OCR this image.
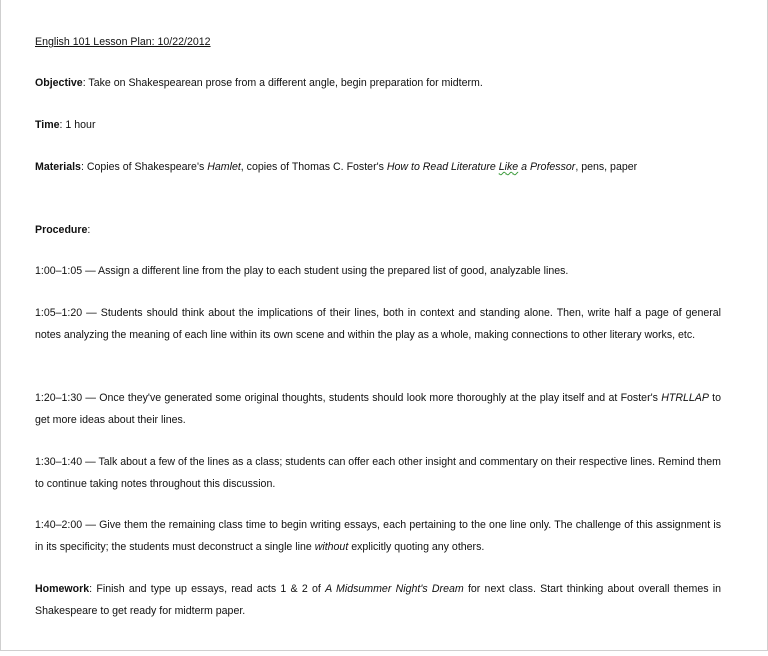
English 101 Lesson Plan: 10/22/2012
Objective: Take on Shakespearean prose from a different angle, begin preparation for midterm.
Time: 1 hour
Materials: Copies of Shakespeare's Hamlet, copies of Thomas C. Foster's How to Read Literature Like a Professor, pens, paper
Procedure:
1:00–1:05 — Assign a different line from the play to each student using the prepared list of good, analyzable lines.
1:05–1:20 — Students should think about the implications of their lines, both in context and standing alone. Then, write half a page of general notes analyzing the meaning of each line within its own scene and within the play as a whole, making connections to other literary works, etc.
1:20–1:30 — Once they've generated some original thoughts, students should look more thoroughly at the play itself and at Foster's HTRLLAP to get more ideas about their lines.
1:30–1:40 — Talk about a few of the lines as a class; students can offer each other insight and commentary on their respective lines. Remind them to continue taking notes throughout this discussion.
1:40–2:00 — Give them the remaining class time to begin writing essays, each pertaining to the one line only. The challenge of this assignment is in its specificity; the students must deconstruct a single line without explicitly quoting any others.
Homework: Finish and type up essays, read acts 1 & 2 of A Midsummer Night's Dream for next class. Start thinking about overall themes in Shakespeare to get ready for midterm paper.
